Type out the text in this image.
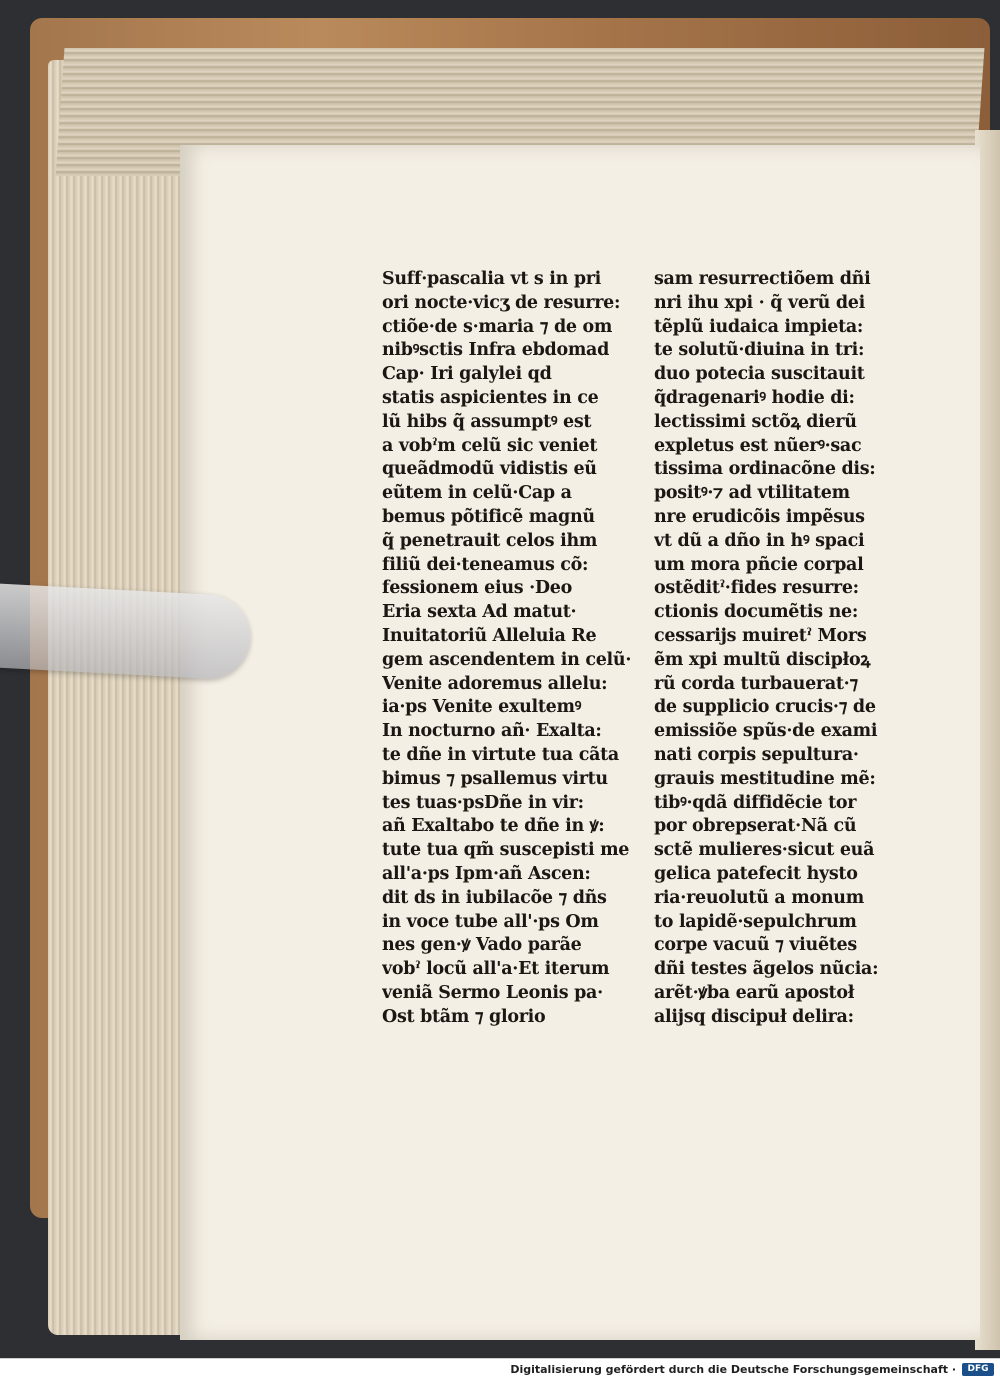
Suff·pascalia vt s in pri
ori nocte·vicʒ de resurre:
ctiõe·de s·maria ⁊ de om
nibꝰsctis Infra ebdomad
Cap· Iri galylei qd
statis aspicientes in ce
lũ hibs q̃ assumptꝰ est
a vobˀm celũ sic veniet
queãdmodũ vidistis eũ
eũtem in celũ·Cap a
bemus põtificẽ magnũ
q̃ penetrauit celos ihm
filiũ dei·teneamus cõ:
fessionem eius ·Deo
Eria sexta Ad matut·
Inuitatoriũ Alleluia Re
gem ascendentem in celũ·
Venite adoremus allelu:
ia·ps Venite exultemꝰ
In nocturno añ· Exalta:
te dñe in virtute tua cãta
bimus ⁊ psallemus virtu
tes tuas·psDñe in vir:
añ Exaltabo te dñe in ꝟ:
tute tua qm̃ suscepisti me
all'a·ps Ipm·añ Ascen:
dit ds in iubilacõe ⁊ dñs
in voce tube all'·ps Om
nes gen·ꝟ Vado parãe
vobˀ locũ all'a·Et iterum
veniã Sermo Leonis pa·
Ost btãm ⁊ glorio
sam resurrectiõem dñi
nri ihu xpi · q̃ verũ dei
tẽplũ iudaica impieta:
te solutũ·diuina in tri:
duo potecia suscitauit
q̃dragenariꝰ hodie di:
lectissimi sctõꝝ dierũ
expletus est nũerꝰ·sac
tissima ordinacõne dis:
positꝰ·⁊ ad vtilitatem
nre erudicõis impẽsus
vt dũ a dño in hꝰ spaci
um mora pñcie corpal
ostẽditˀ·fides resurre:
ctionis documẽtis ne:
cessarijs muiretˀ Mors
ẽm xpi multũ discipłoꝝ
rũ corda turbauerat·⁊
de supplicio crucis·⁊ de
emissiõe spũs·de exami
nati corpis sepultura·
grauis mestitudine mẽ:
tibꝰ·qdã diffidẽcie tor
por obrepserat·Nã cũ
sctẽ mulieres·sicut euã
gelica patefecit hysto
ria·reuolutũ a monum
to lapidẽ·sepulchrum
corpe vacuũ ⁊ viuẽtes
dñi testes ãgelos nũcia:
arẽt·ꝟba earũ apostoł
alijsq discipuł delira:
Digitalisierung gefördert durch die Deutsche Forschungsgemeinschaft ·	DFG
